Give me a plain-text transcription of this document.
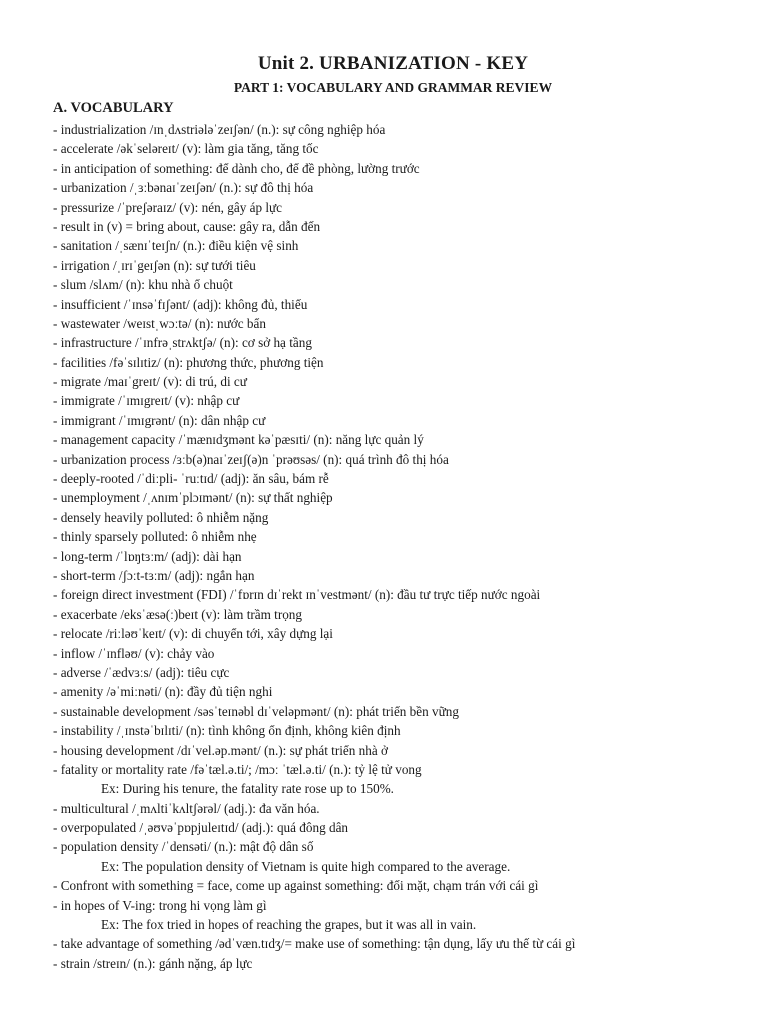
Unit 2. URBANIZATION - KEY
PART 1: VOCABULARY AND GRAMMAR REVIEW
A. VOCABULARY
- industrialization /ɪnˌdʌstriələˈzeɪʃən/ (n.): sự công nghiệp hóa
- accelerate /əkˈseləreɪt/ (v): làm gia tăng, tăng tốc
- in anticipation of something: để dành cho, để đề phòng, lường trước
- urbanization /ˌɜːbənaɪˈzeɪʃən/ (n.): sự đô thị hóa
- pressurize /ˈpreʃəraɪz/ (v): nén, gây áp lực
- result in (v) = bring about, cause: gây ra, dẫn đến
- sanitation /ˌsænɪˈteɪʃn/ (n.): điều kiện vệ sinh
- irrigation /ˌɪrɪˈgeɪʃən (n): sự tưới tiêu
- slum /slʌm/ (n): khu nhà ổ chuột
- insufficient /ˈɪnsəˈfɪʃənt/ (adj): không đủ, thiếu
- wastewater /weɪstˌwɔːtə/ (n): nước bẩn
- infrastructure /ˈɪnfrəˌstrʌktʃə/ (n): cơ sở hạ tầng
- facilities /fəˈsɪlɪtiz/ (n): phương thức, phương tiện
- migrate /maɪˈgreɪt/ (v): di trú, di cư
- immigrate /ˈɪmɪgreɪt/ (v): nhập cư
- immigrant /ˈɪmɪgrənt/ (n): dân nhập cư
- management capacity /ˈmænɪdʒmənt kəˈpæsɪti/ (n): năng lực quản lý
- urbanization process /ɜːb(ə)naɪˈzeɪʃ(ə)n ˈprəʊsəs/ (n): quá trình đô thị hóa
- deeply-rooted /ˈdiːpli- ˈruːtɪd/ (adj): ăn sâu, bám rễ
- unemployment /ˌʌnɪmˈplɔɪmənt/ (n): sự thất nghiệp
- densely heavily polluted: ô nhiễm nặng
- thinly sparsely polluted: ô nhiễm nhẹ
- long-term /ˈlɒŋtɜːm/ (adj): dài hạn
- short-term /ʃɔːt-tɜːm/ (adj): ngắn hạn
- foreign direct investment (FDI) /ˈfɒrɪn dɪˈrekt ɪnˈvestmənt/ (n): đầu tư trực tiếp nước ngoài
- exacerbate /eksˈæsə(ː)beɪt (v): làm trầm trọng
- relocate /riːləʊˈkeɪt/ (v): di chuyển tới, xây dựng lại
- inflow /ˈɪnfləʊ/ (v): chảy vào
- adverse /ˈædvɜːs/ (adj): tiêu cực
- amenity /əˈmiːnəti/ (n): đầy đủ tiện nghi
- sustainable development /səsˈteɪnəbl dɪˈveləpmənt/ (n): phát triển bền vững
- instability /ˌɪnstəˈbɪlɪti/ (n): tình không ổn định, không kiên định
- housing development /dɪˈvel.əp.mənt/ (n.): sự phát triển nhà ở
- fatality or mortality rate /fəˈtæl.ə.ti/; /mɔː ˈtæl.ə.ti/ (n.): tỷ lệ tử vong
Ex: During his tenure, the fatality rate rose up to 150%.
- multicultural /ˌmʌltiˈkʌltʃərəl/ (adj.): đa văn hóa.
- overpopulated /ˌəʊvəˈpɒpjuleɪtɪd/ (adj.): quá đông dân
- population density /ˈdensəti/ (n.): mật độ dân số
Ex: The population density of Vietnam is quite high compared to the average.
- Confront with something = face, come up against something: đối mặt, chạm trán với cái gì
- in hopes of V-ing: trong hi vọng làm gì
Ex: The fox tried in hopes of reaching the grapes, but it was all in vain.
- take advantage of something /ədˈvæn.tɪdʒ/= make use of something: tận dụng, lấy ưu thế từ cái gì
- strain /streɪn/ (n.): gánh nặng, áp lực
